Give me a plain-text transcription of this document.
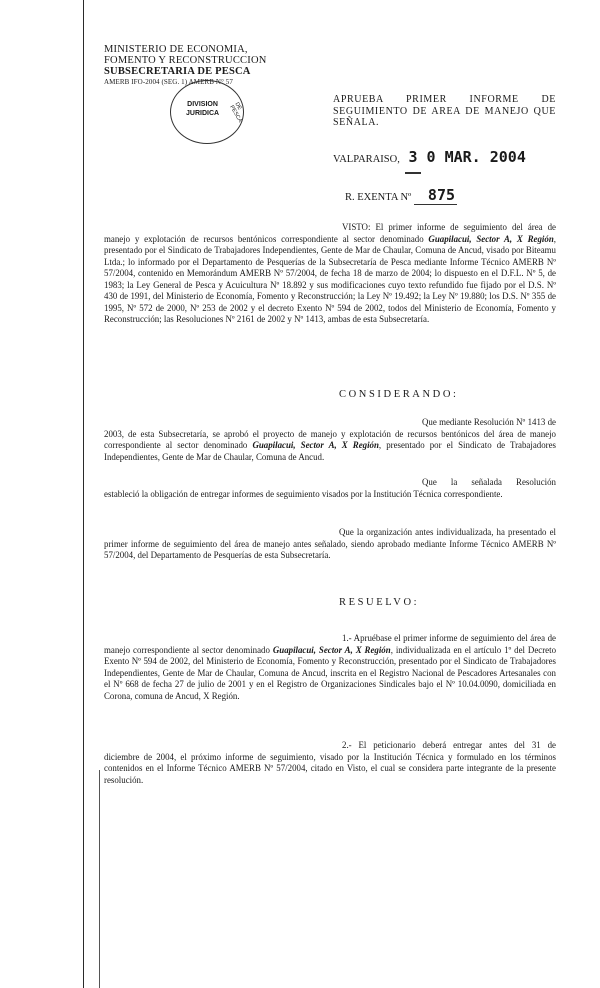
MINISTERIO DE ECONOMIA,
FOMENTO Y RECONSTRUCCION
SUBSECRETARIA DE PESCA
AMERB IFO-2004 (SEG. 1) AMERB N° 57
DIVISION
JURIDICA
DE PESCA
APRUEBA PRIMER INFORME DE SEGUIMIENTO DE AREA DE MANEJO QUE SEÑALA.
VALPARAISO, 3 0 MAR. 2004
R. EXENTA Nº 875
VISTO: El primer informe de seguimiento del área de manejo y explotación de recursos bentónicos correspondiente al sector denominado Guapilacui, Sector A, X Región, presentado por el Sindicato de Trabajadores Independientes, Gente de Mar de Chaular, Comuna de Ancud, visado por Biteamu Ltda.; lo informado por el Departamento de Pesquerías de la Subsecretaría de Pesca mediante Informe Técnico AMERB Nº 57/2004, contenido en Memorándum AMERB Nº 57/2004, de fecha 18 de marzo de 2004; lo dispuesto en el D.F.L. Nº 5, de 1983; la Ley General de Pesca y Acuicultura Nº 18.892 y sus modificaciones cuyo texto refundido fue fijado por el D.S. Nº 430 de 1991, del Ministerio de Economía, Fomento y Reconstrucción; la Ley Nº 19.492; la Ley Nº 19.880; los D.S. Nº 355 de 1995, Nº 572 de 2000, Nº 253 de 2002 y el decreto Exento Nº 594 de 2002, todos del Ministerio de Economía, Fomento y Reconstrucción; las Resoluciones Nº 2161 de 2002 y Nº 1413, ambas de esta Subsecretaría.
CONSIDERANDO:
Que mediante Resolución Nº 1413 de 2003, de esta Subsecretaría, se aprobó el proyecto de manejo y explotación de recursos bentónicos del área de manejo correspondiente al sector denominado Guapilacui, Sector A, X Región, presentado por el Sindicato de Trabajadores Independientes, Gente de Mar de Chaular, Comuna de Ancud.
Que la señalada Resolución estableció la obligación de entregar informes de seguimiento visados por la Institución Técnica correspondiente.
Que la organización antes individualizada, ha presentado el primer informe de seguimiento del área de manejo antes señalado, siendo aprobado mediante Informe Técnico AMERB Nº 57/2004, del Departamento de Pesquerías de esta Subsecretaría.
RESUELVO:
1.- Apruébase el primer informe de seguimiento del área de manejo correspondiente al sector denominado Guapilacui, Sector A, X Región, individualizada en el artículo 1º del Decreto Exento Nº 594 de 2002, del Ministerio de Economía, Fomento y Reconstrucción, presentado por el Sindicato de Trabajadores Independientes, Gente de Mar de Chaular, Comuna de Ancud, inscrita en el Registro Nacional de Pescadores Artesanales con el Nº 668 de fecha 27 de julio de 2001 y en el Registro de Organizaciones Sindicales bajo el Nº 10.04.0090, domiciliada en Corona, comuna de Ancud, X Región.
2.- El peticionario deberá entregar antes del 31 de diciembre de 2004, el próximo informe de seguimiento, visado por la Institución Técnica y formulado en los términos contenidos en el Informe Técnico AMERB Nº 57/2004, citado en Visto, el cual se considera parte integrante de la presente resolución.
